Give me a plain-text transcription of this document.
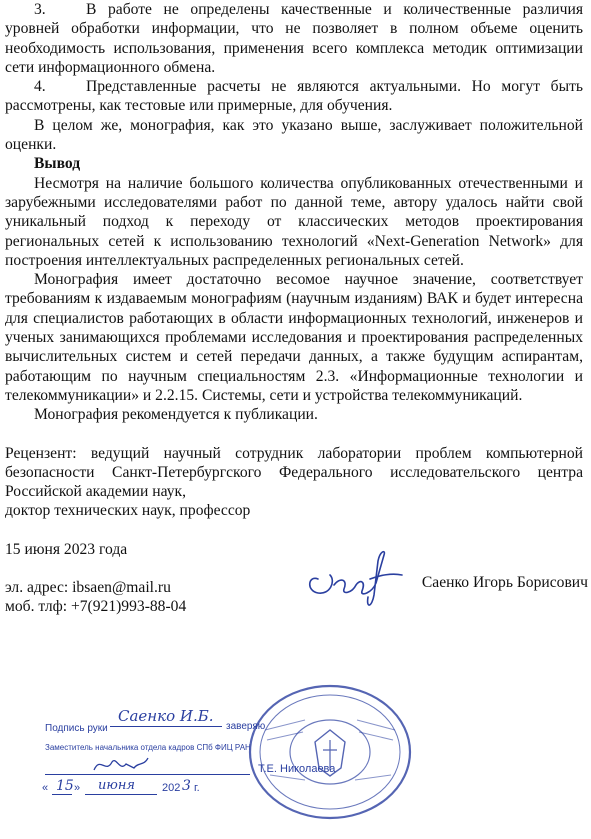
3.	В работе не определены качественные и количественные различия уровней обработки информации, что не позволяет в полном объеме оценить необходимость использования, применения всего комплекса методик оптимизации сети информационного обмена.

4.	Представленные расчеты не являются актуальными. Но могут быть рассмотрены, как тестовые или примерные, для обучения.

В целом же, монография, как это указано выше, заслуживает положительной оценки.

Вывод

Несмотря на наличие большого количества опубликованных отечественными и зарубежными исследователями работ по данной теме, автору удалось найти свой уникальный подход к переходу от классических методов проектирования региональных сетей к использованию технологий «Next-Generation Network» для построения интеллектуальных распределенных региональных сетей.

Монография имеет достаточно весомое научное значение, соответствует требованиям к издаваемым монографиям (научным изданиям) ВАК и будет интересна для специалистов работающих в области информационных технологий, инженеров и ученых занимающихся проблемами исследования и проектирования распределенных вычислительных систем и сетей передачи данных, а также будущим аспирантам, работающим по научным специальностям 2.3. «Информационные технологии и телекоммуникации» и 2.2.15. Системы, сети и устройства телекоммуникаций.

Монография рекомендуется к публикации.

Рецензент: ведущий научный сотрудник лаборатории проблем компьютерной безопасности Санкт-Петербургского Федерального исследовательского центра Российской академии наук,

доктор технических наук, профессор

15 июня 2023 года

эл. адрес: ibsaen@mail.ru

моб. тлф: +7(921)993-88-04

Саенко Игорь Борисович
Подпись руки
Саенко И.Б.
заверяю
Заместитель начальника отдела кадров СПб ФИЦ РАН
Т.Е. Николаева
« 15 » июня 202 3 г.
